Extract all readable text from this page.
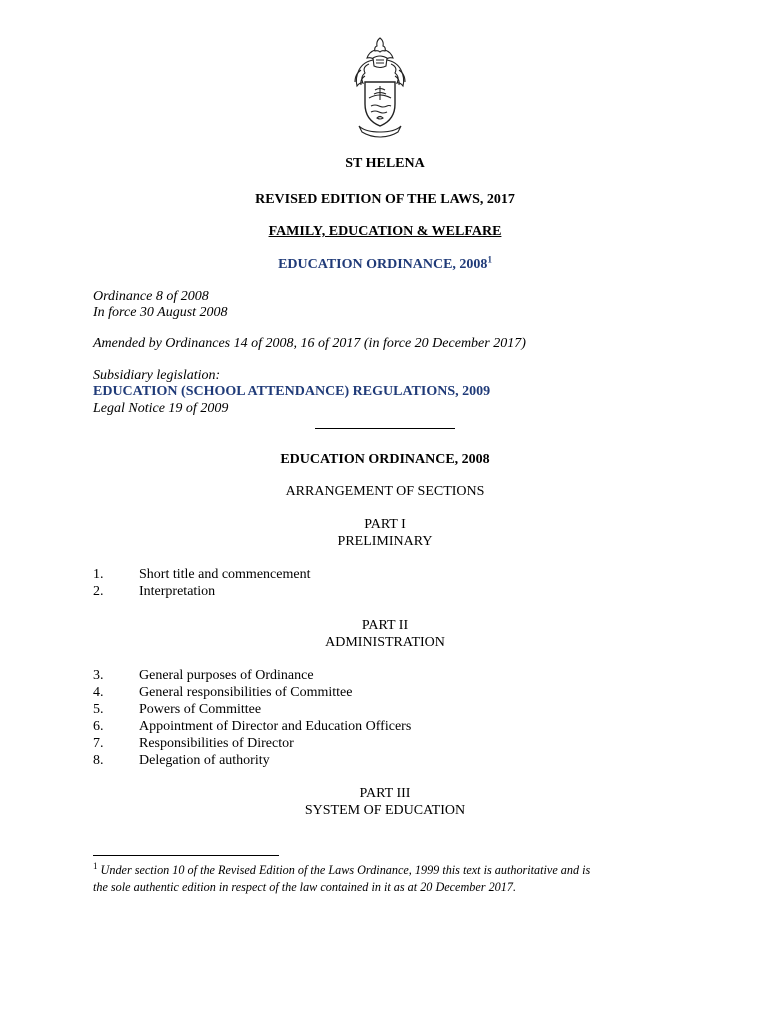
ST HELENA
REVISED EDITION OF THE LAWS, 2017
FAMILY, EDUCATION & WELFARE
EDUCATION ORDINANCE, 2008$^1$
Ordinance 8 of 2008
In force 30 August 2008
Amended by Ordinances 14 of 2008, 16 of 2017 (in force 20 December 2017)
Subsidiary legislation:
EDUCATION (SCHOOL ATTENDANCE) REGULATIONS, 2009
Legal Notice 19 of 2009
EDUCATION ORDINANCE, 2008
ARRANGEMENT OF SECTIONS
PART I
PRELIMINARY
1.	Short title and commencement
2.	Interpretation
PART II
ADMINISTRATION
3.	General purposes of Ordinance
4.	General responsibilities of Committee
5.	Powers of Committee
6.	Appointment of Director and Education Officers
7.	Responsibilities of Director
8.	Delegation of authority
PART III
SYSTEM OF EDUCATION
$^1$ Under section 10 of the Revised Edition of the Laws Ordinance, 1999 this text is authoritative and is
the sole authentic edition in respect of the law contained in it as at 20 December 2017.
